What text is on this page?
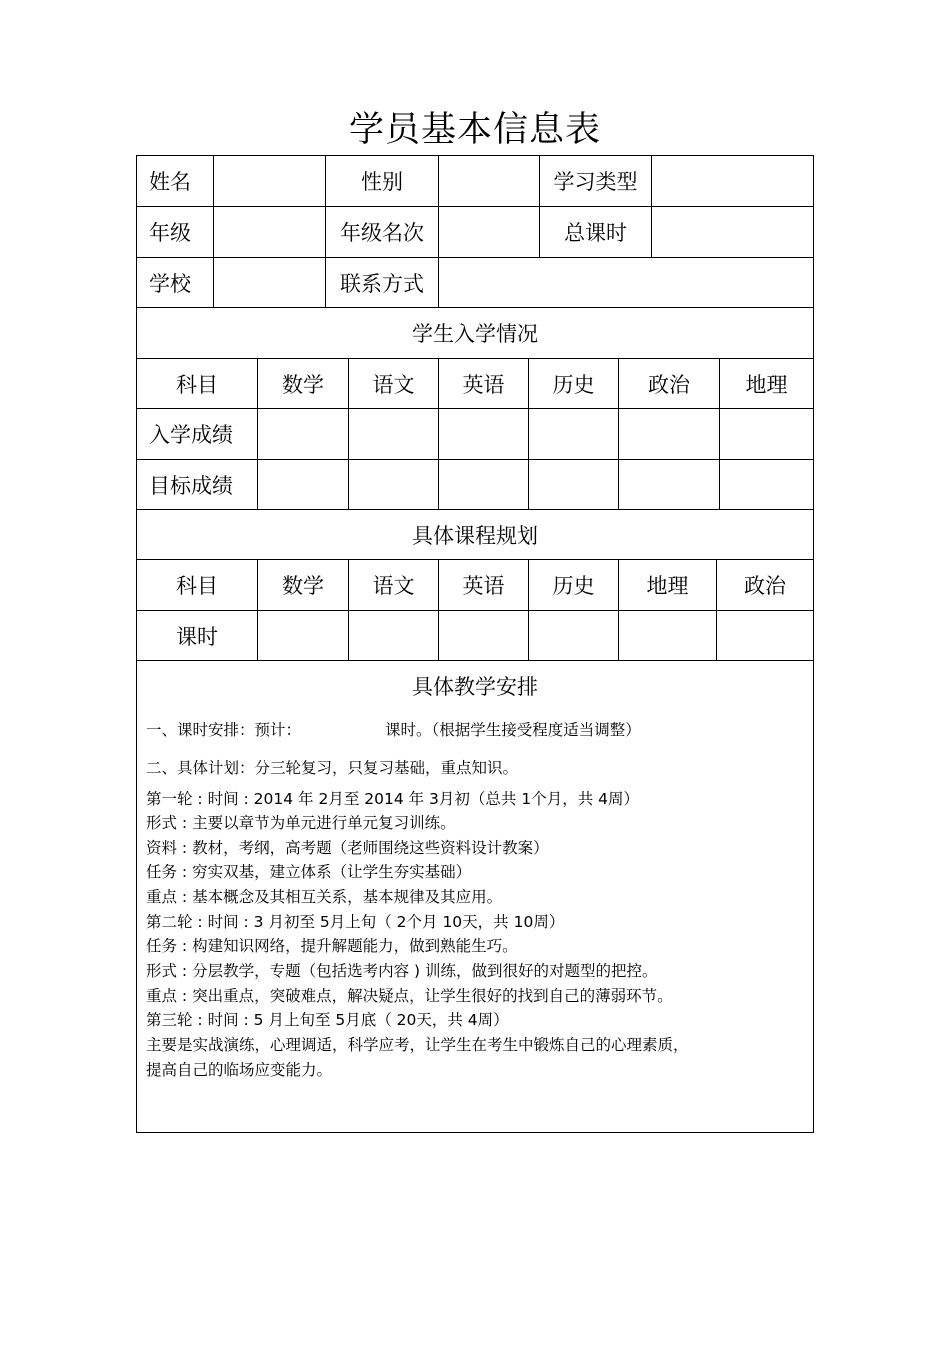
学员基本信息表
姓名	性别	学习类型
年级	年级名次	总课时
学校	联系方式
学生入学情况
科目	数学	语文	英语	历史	政治	地理
入学成绩
目标成绩
具体课程规划
科目	数学	语文	英语	历史	地理	政治
课时
具体教学安排
一、课时安排：预计：	课时。（根据学生接受程度适当调整）
二、具体计划：分三轮复习，只复习基础，重点知识。
第一轮 : 时间 : 2014 年 2月至 2014 年 3月初（总共 1个月，共 4周）
形式 : 主要以章节为单元进行单元复习训练。
资料 : 教材，考纲，高考题（老师围绕这些资料设计教案）
任务 : 穷实双基，建立体系（让学生夯实基础）
重点 : 基本概念及其相互关系，基本规律及其应用。
第二轮 : 时间 : 3 月初至 5月上旬（ 2个月 10天，共 10周）
任务 : 构建知识网络，提升解题能力，做到熟能生巧。
形式 : 分层教学，专题（包括选考内容 ) 训练，做到很好的对题型的把控。
重点 : 突出重点，突破难点，解决疑点，让学生很好的找到自己的薄弱环节。
第三轮 : 时间 : 5 月上旬至 5月底（ 20天，共 4周）
主要是实战演练，心理调适，科学应考，让学生在考生中锻炼自己的心理素质，
提高自己的临场应变能力。
